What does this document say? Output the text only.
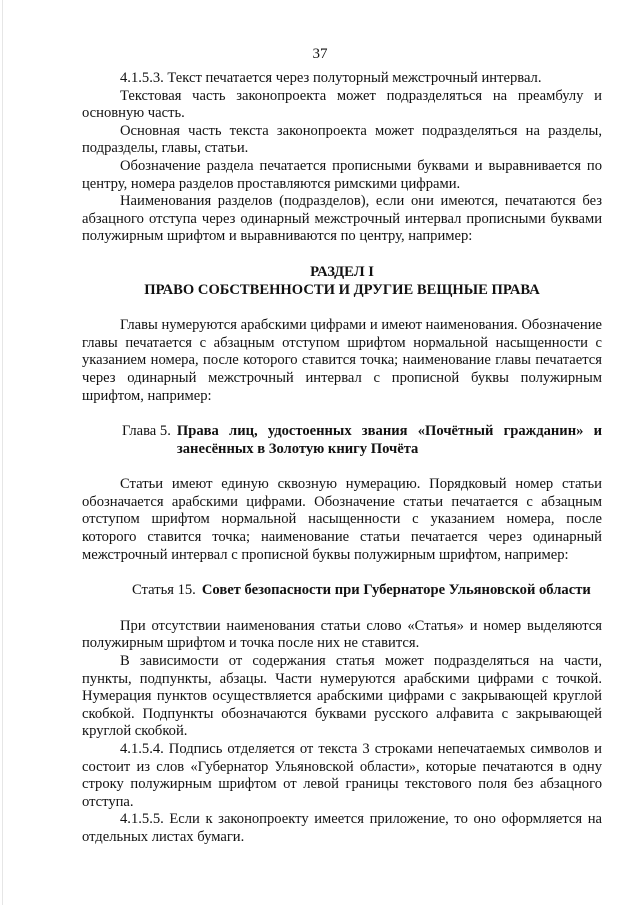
37

4.1.5.3. Текст печатается через полуторный межстрочный интервал.

Текстовая часть законопроекта может подразделяться на преамбулу и основную часть.

Основная часть текста законопроекта может подразделяться на разделы, подразделы, главы, статьи.

Обозначение раздела печатается прописными буквами и выравнивается по центру, номера разделов проставляются римскими цифрами.

Наименования разделов (подразделов), если они имеются, печатаются без абзацного отступа через одинарный межстрочный интервал прописными буквами полужирным шрифтом и выравниваются по центру, например:

РАЗДЕЛ I

ПРАВО СОБСТВЕННОСТИ И ДРУГИЕ ВЕЩНЫЕ ПРАВА

Главы нумеруются арабскими цифрами и имеют наименования. Обозначение главы печатается с абзацным отступом шрифтом нормальной насыщенности с указанием номера, после которого ставится точка; наименование главы печатается через одинарный межстрочный интервал с прописной буквы полужирным шрифтом, например:

Глава 5. Права лиц, удостоенных звания «Почётный гражданин» и занесённых в Золотую книгу Почёта

Статьи имеют единую сквозную нумерацию. Порядковый номер статьи обозначается арабскими цифрами. Обозначение статьи печатается с абзацным отступом шрифтом нормальной насыщенности с указанием номера, после которого ставится точка; наименование статьи печатается через одинарный межстрочный интервал с прописной буквы полужирным шрифтом, например:

Статья 15. Совет безопасности при Губернаторе Ульяновской области

При отсутствии наименования статьи слово «Статья» и номер выделяются полужирным шрифтом и точка после них не ставится.

В зависимости от содержания статья может подразделяться на части, пункты, подпункты, абзацы. Части нумеруются арабскими цифрами с точкой. Нумерация пунктов осуществляется арабскими цифрами с закрывающей круглой скобкой. Подпункты обозначаются буквами русского алфавита с закрывающей круглой скобкой.

4.1.5.4. Подпись отделяется от текста 3 строками непечатаемых символов и состоит из слов «Губернатор Ульяновской области», которые печатаются в одну строку полужирным шрифтом от левой границы текстового поля без абзацного отступа.

4.1.5.5. Если к законопроекту имеется приложение, то оно оформляется на отдельных листах бумаги.
